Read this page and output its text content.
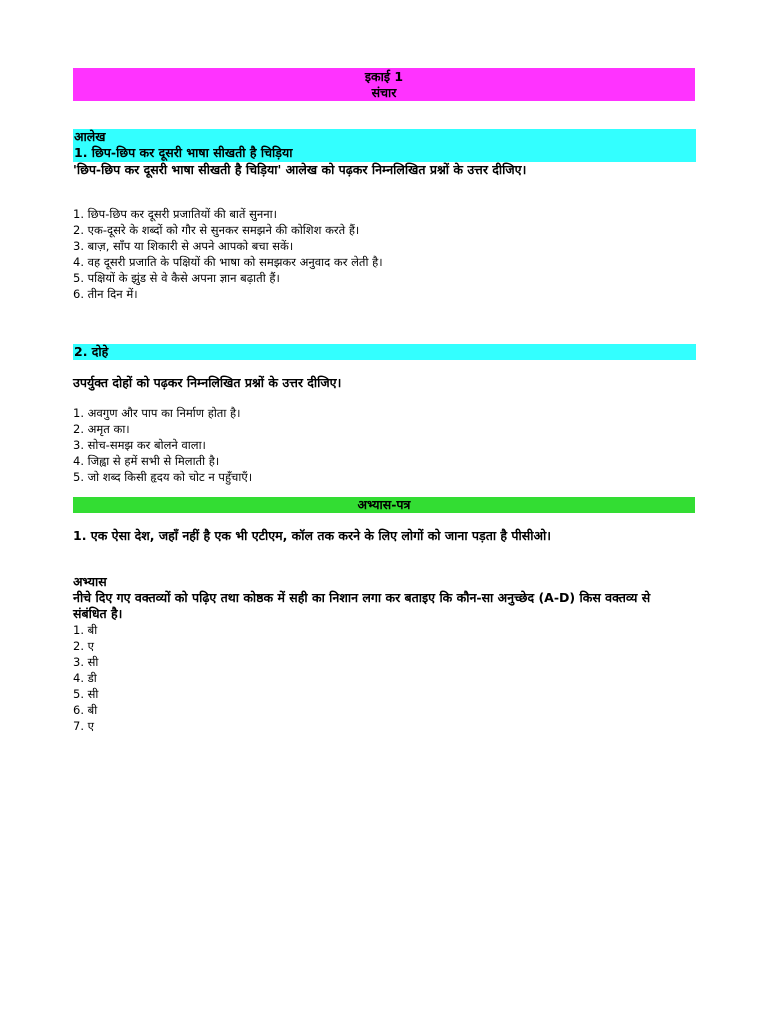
इकाई 1
संचार
आलेख
1. छिप-छिप कर दूसरी भाषा सीखती है चिड़िया
'छिप-छिप कर दूसरी भाषा सीखती है चिड़िया' आलेख को पढ़कर निम्नलिखित प्रश्नों के उत्तर दीजिए।
1. छिप-छिप कर दूसरी प्रजातियों की बातें सुनना।
2. एक-दूसरे के शब्दों को गौर से सुनकर समझने की कोशिश करते हैं।
3. बाज़, साँप या शिकारी से अपने आपको बचा सकें।
4. वह दूसरी प्रजाति के पक्षियों की भाषा को समझकर अनुवाद कर लेती है।
5. पक्षियों के झुंड से वे कैसे अपना ज्ञान बढ़ाती हैं।
6. तीन दिन में।
2. दोहे
उपर्युक्त दोहों को पढ़कर निम्नलिखित प्रश्नों के उत्तर दीजिए।
1. अवगुण और पाप का निर्माण होता है।
2. अमृत का।
3. सोच-समझ कर बोलने वाला।
4. जिह्वा से हमें सभी से मिलाती है।
5. जो शब्द किसी हृदय को चोट न पहुँचाएँ।
अभ्यास-पत्र
1. एक ऐसा देश, जहाँ नहीं है एक भी एटीएम, कॉल तक करने के लिए लोगों को जाना पड़ता है पीसीओ।
अभ्यास
नीचे दिए गए वक्तव्यों को पढ़िए तथा कोष्ठक में सही का निशान लगा कर बताइए कि कौन-सा अनुच्छेद (A-D) किस वक्तव्य से संबंधित है।
1. बी
2. ए
3. सी
4. डी
5. सी
6. बी
7. ए
